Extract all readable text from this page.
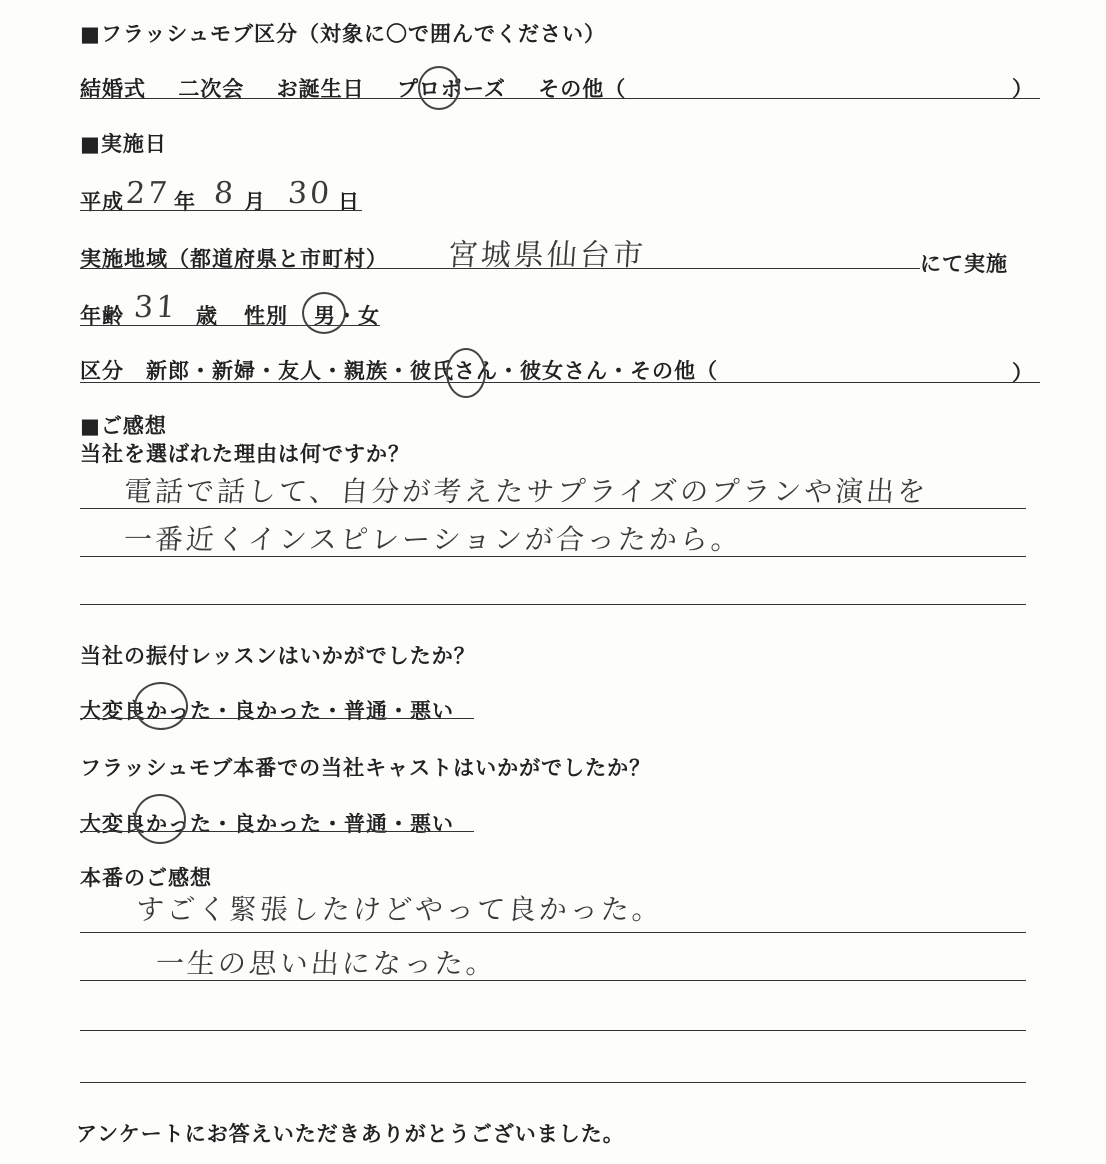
■フラッシュモブ区分（対象に〇で囲んでください）
結婚式 二次会 お誕生日 プロポーズ その他（	）
■実施日
平成 27 年 8 月 30 日
実施地域（都道府県と市町村） 宮城県仙台市	にて実施
年齢 31 歳 性別 男・女
区分 新郎・新婦・友人・親族・彼氏さん・彼女さん・その他（	）
■ご感想
当社を選ばれた理由は何ですか？
電話で話して、自分が考えたサプライズのプランや演出を
一番近くインスピレーションが合ったから。
当社の振付レッスンはいかがでしたか？
大変良かった・良かった・普通・悪い
フラッシュモブ本番での当社キャストはいかがでしたか？
大変良かった・良かった・普通・悪い
本番のご感想
すごく緊張したけどやって良かった。
一生の思い出になった。
アンケートにお答えいただきありがとうございました。
